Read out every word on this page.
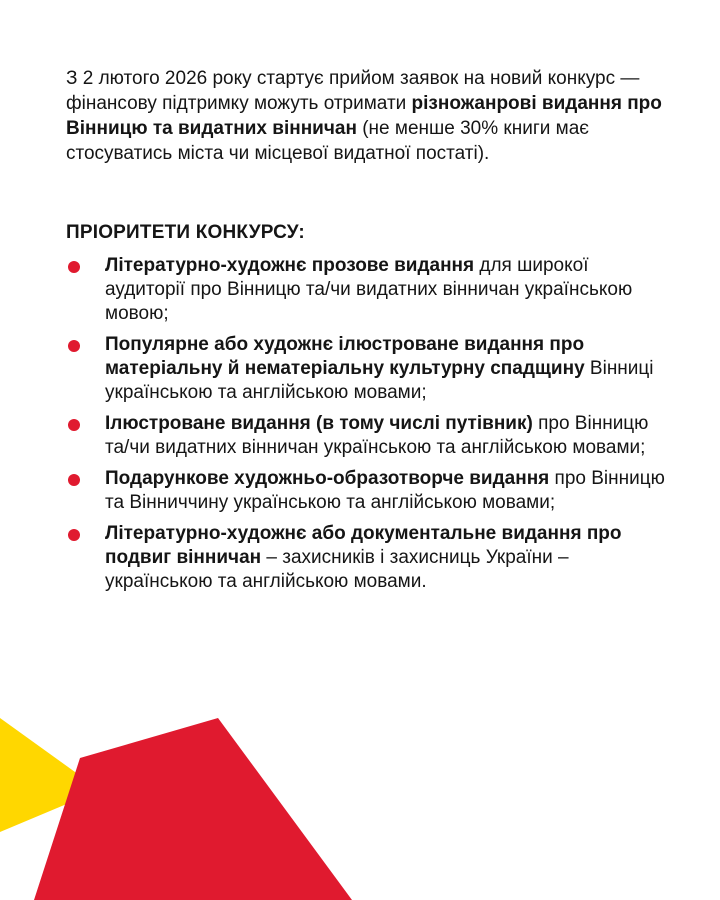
З 2 лютого 2026 року стартує прийом заявок на новий конкурс — фінансову підтримку можуть отримати різножанрові видання про Вінницю та видатних вінничан (не менше 30% книги має стосуватись міста чи місцевої видатної постаті).

ПРІОРИТЕТИ КОНКУРСУ:
Літературно-художнє прозове видання для широкої аудиторії про Вінницю та/чи видатних вінничан українською мовою;
Популярне або художнє ілюстроване видання про матеріальну й нематеріальну культурну спадщину Вінниці українською та англійською мовами;
Ілюстроване видання (в тому числі путівник) про Вінницю та/чи видатних вінничан українською та англійською мовами;
Подарункове художньо-образотворче видання про Вінницю та Вінниччину українською та англійською мовами;
Літературно-художнє або документальне видання про подвиг вінничан – захисників і захисниць України – українською та англійською мовами.
